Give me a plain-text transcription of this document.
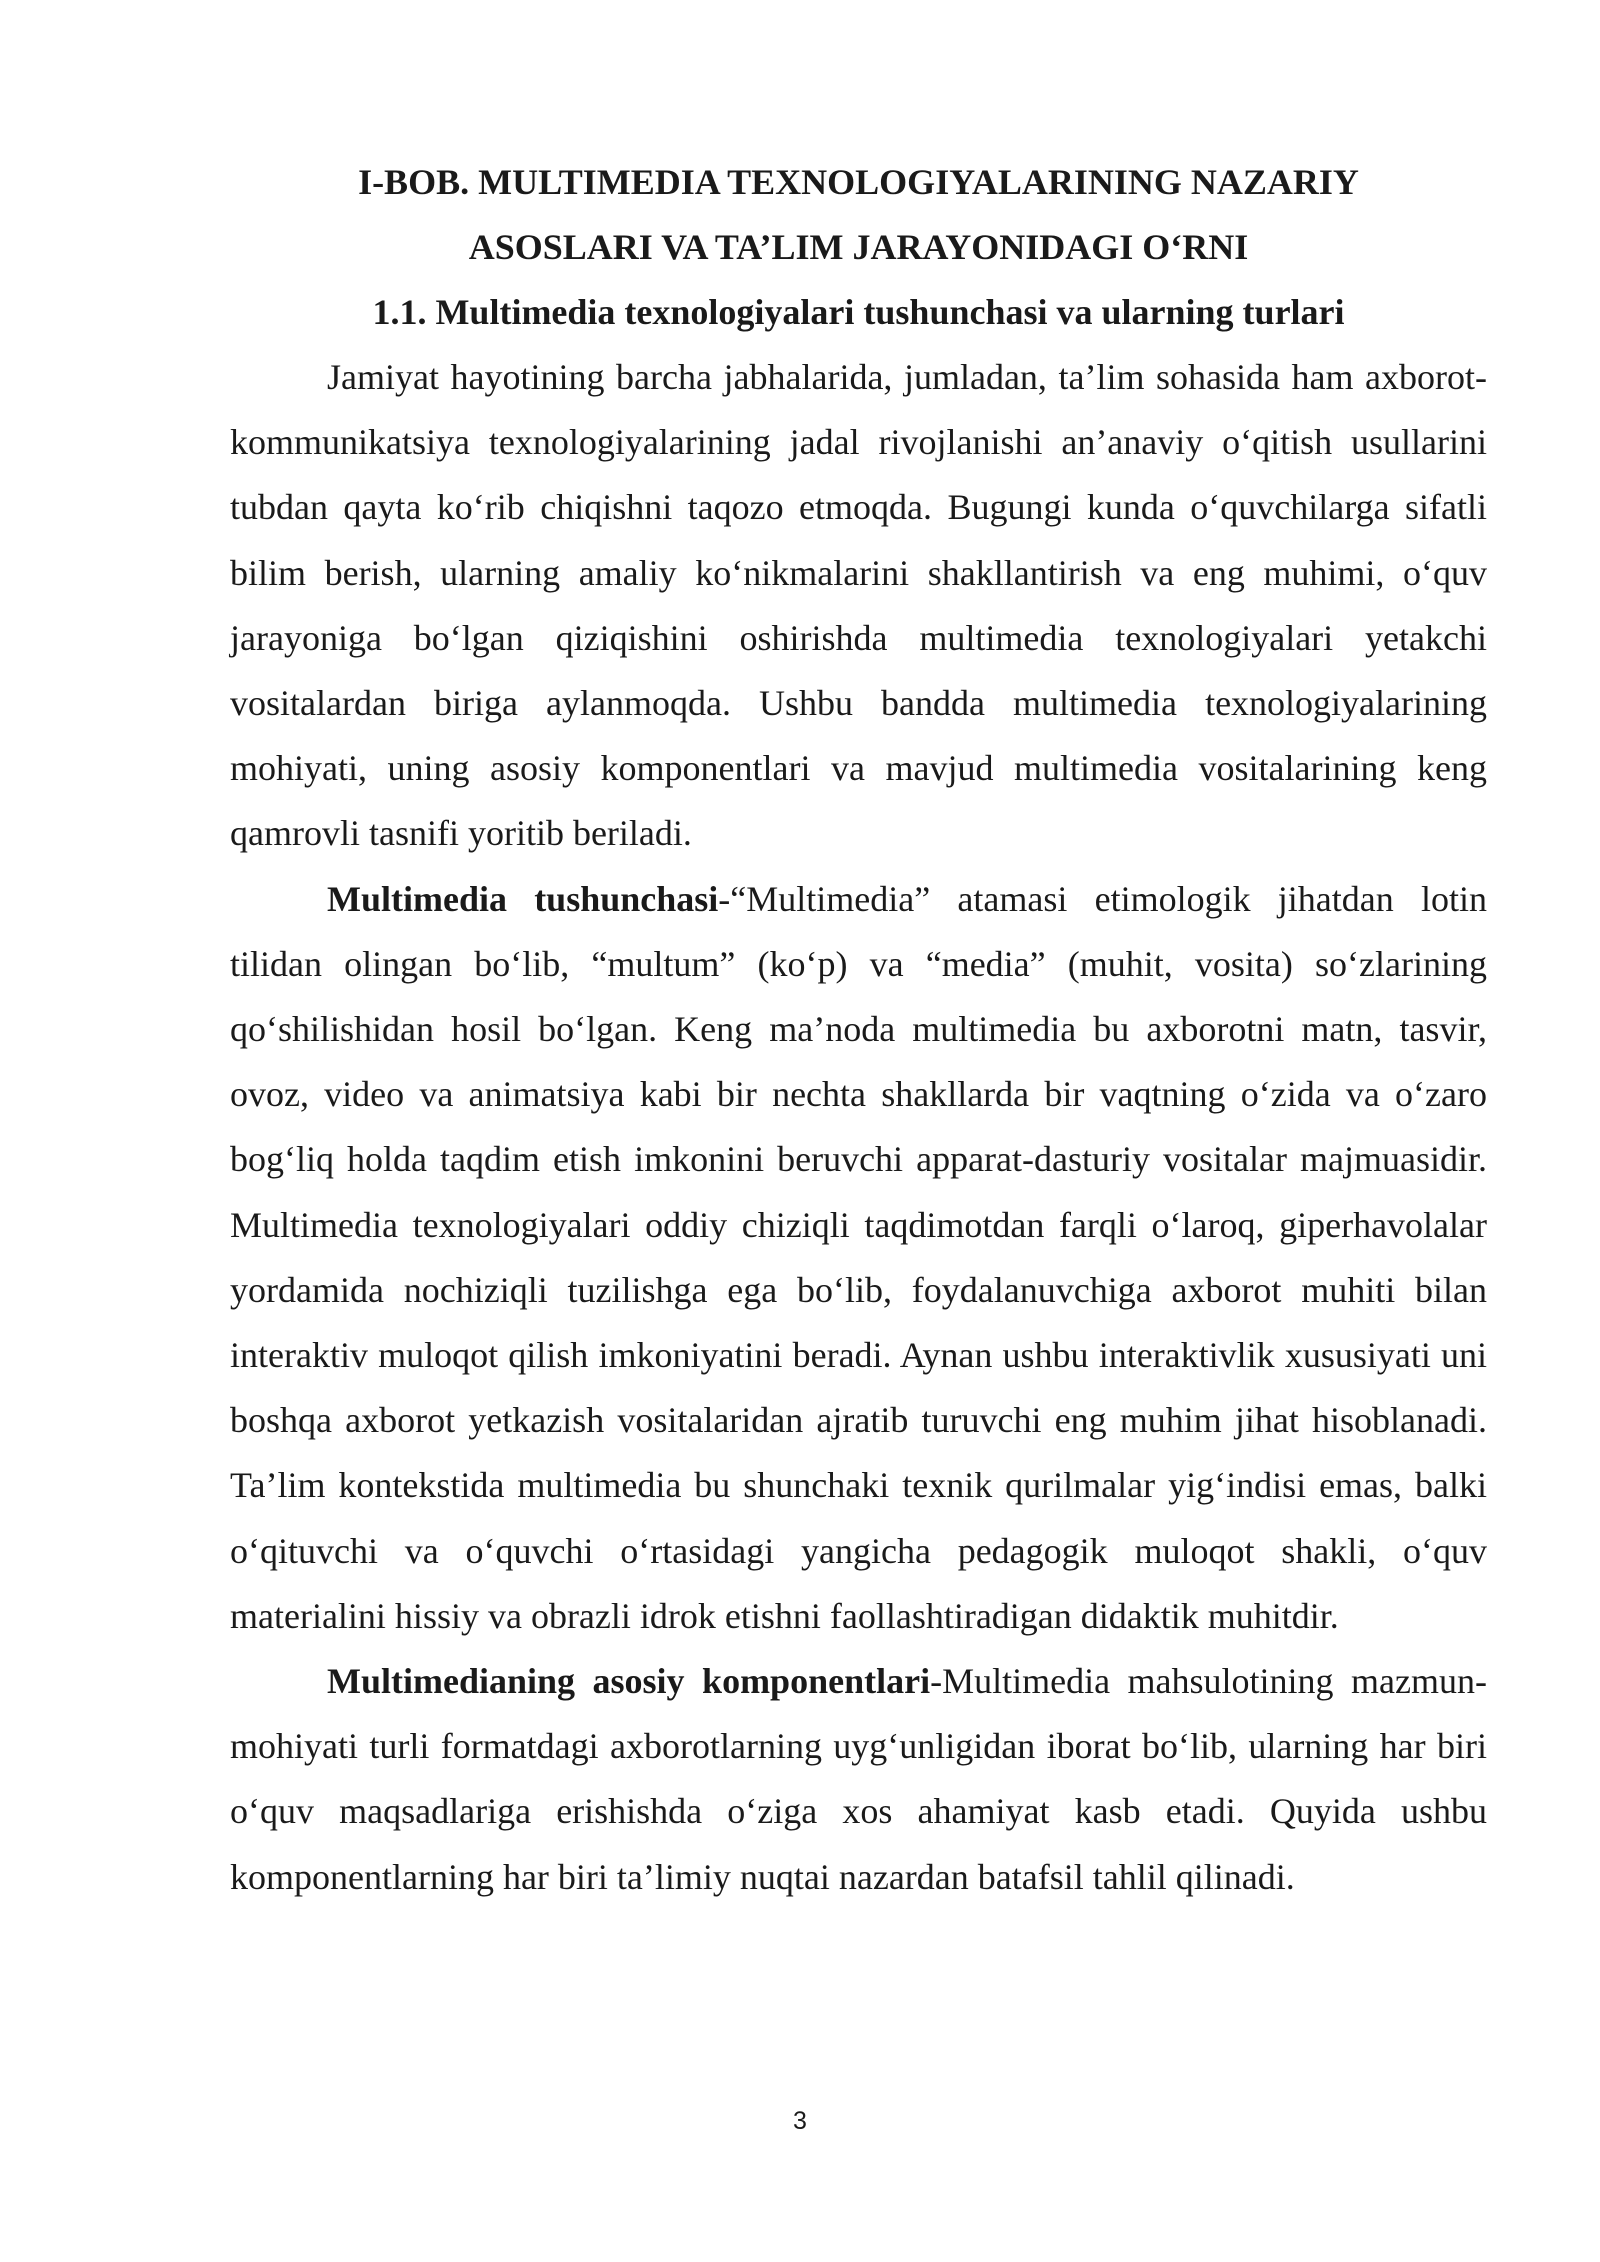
I-BOB. MULTIMEDIA TEXNOLOGIYALARINING NAZARIY

ASOSLARI VA TA’LIM JARAYONIDAGI O‘RNI

1.1. Multimedia texnologiyalari tushunchasi va ularning turlari

Jamiyat hayotining barcha jabhalarida, jumladan, ta’lim sohasida ham axborot-kommunikatsiya texnologiyalarining jadal rivojlanishi an’anaviy o‘qitish usullarini tubdan qayta ko‘rib chiqishni taqozo etmoqda. Bugungi kunda o‘quvchilarga sifatli bilim berish, ularning amaliy ko‘nikmalarini shakllantirish va eng muhimi, o‘quv jarayoniga bo‘lgan qiziqishini oshirishda multimedia texnologiyalari yetakchi vositalardan biriga aylanmoqda. Ushbu bandda multimedia texnologiyalarining mohiyati, uning asosiy komponentlari va mavjud multimedia vositalarining keng qamrovli tasnifi yoritib beriladi.

Multimedia tushunchasi-“Multimedia” atamasi etimologik jihatdan lotin tilidan olingan bo‘lib, “multum” (ko‘p) va “media” (muhit, vosita) so‘zlarining qo‘shilishidan hosil bo‘lgan. Keng ma’noda multimedia bu axborotni matn, tasvir, ovoz, video va animatsiya kabi bir nechta shakllarda bir vaqtning o‘zida va o‘zaro bog‘liq holda taqdim etish imkonini beruvchi apparat-dasturiy vositalar majmuasidir. Multimedia texnologiyalari oddiy chiziqli taqdimotdan farqli o‘laroq, giperhavolalar yordamida nochiziqli tuzilishga ega bo‘lib, foydalanuvchiga axborot muhiti bilan interaktiv muloqot qilish imkoniyatini beradi. Aynan ushbu interaktivlik xususiyati uni boshqa axborot yetkazish vositalaridan ajratib turuvchi eng muhim jihat hisoblanadi. Ta’lim kontekstida multimedia bu shunchaki texnik qurilmalar yig‘indisi emas, balki o‘qituvchi va o‘quvchi o‘rtasidagi yangicha pedagogik muloqot shakli, o‘quv materialini hissiy va obrazli idrok etishni faollashtiradigan didaktik muhitdir.

Multimedianing asosiy komponentlari-Multimedia mahsulotining mazmun-mohiyati turli formatdagi axborotlarning uyg‘unligidan iborat bo‘lib, ularning har biri o‘quv maqsadlariga erishishda o‘ziga xos ahamiyat kasb etadi. Quyida ushbu komponentlarning har biri ta’limiy nuqtai nazardan batafsil tahlil qilinadi.

3
